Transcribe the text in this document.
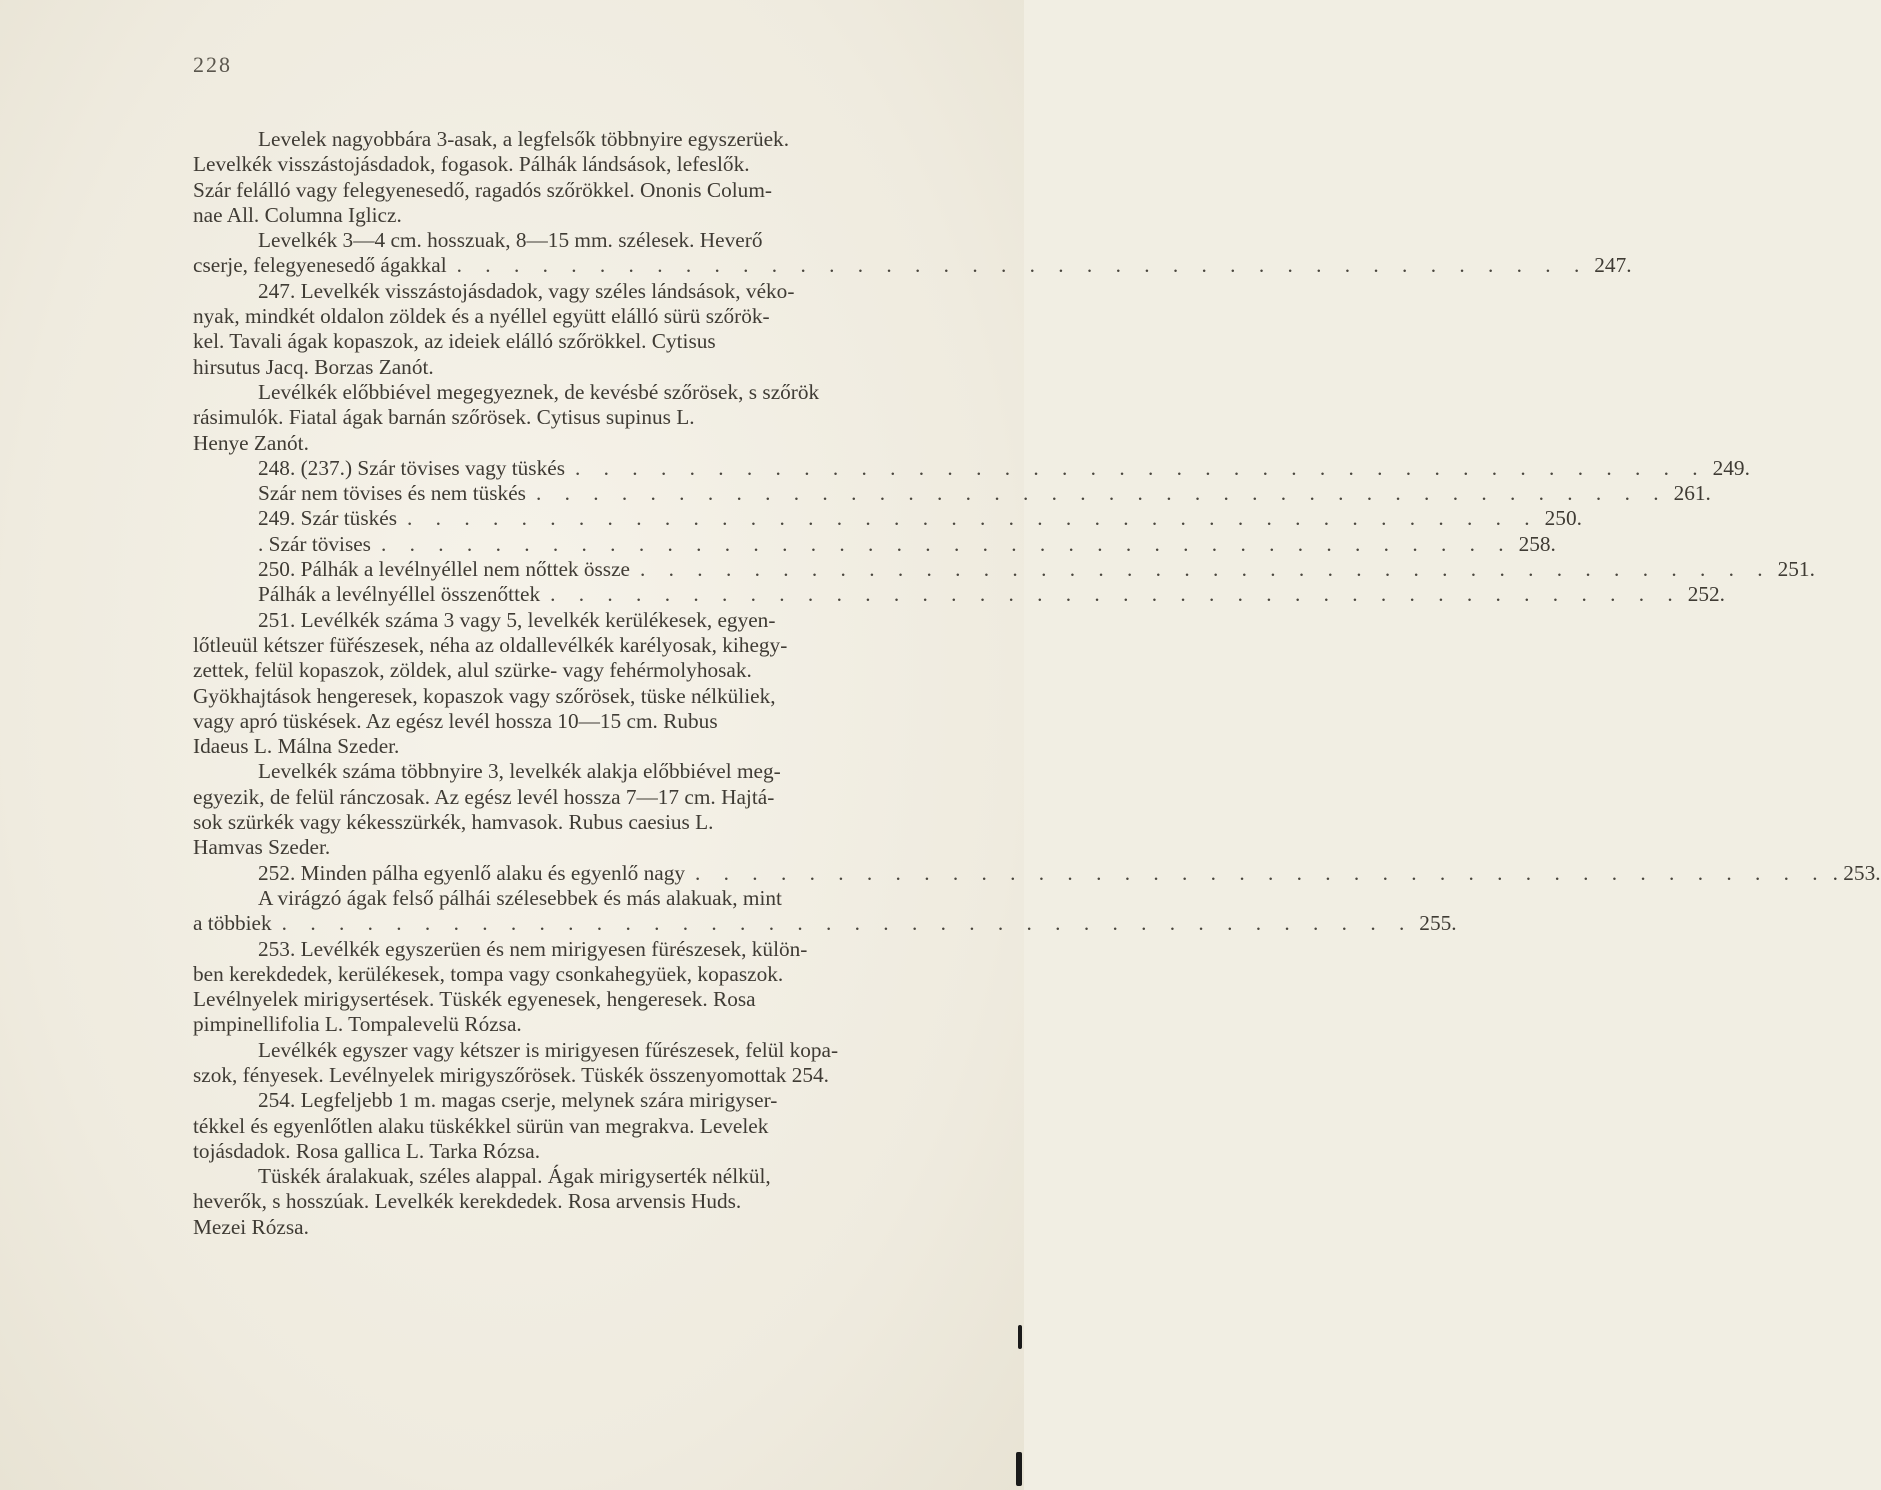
228
Levelek nagyobbára 3-asak, a legfelsők többnyire egyszerüek.
Levelkék visszástojásdadok, fogasok. Pálhák lándsások, lefeslők.
Szár felálló vagy felegyenesedő, ragadós szőrökkel. Ononis Colum-
nae All. Columna Iglicz.
Levelkék 3—4 cm. hosszuak, 8—15 mm. szélesek. Heverő
cserje, felegyenesedő ágakkal . . . . . . . . . . . . . . . . . . . . . . . . . . . . . . . . . . . . . . . . 247.
247. Levelkék visszástojásdadok, vagy széles lándsások, véko-
nyak, mindkét oldalon zöldek és a nyéllel együtt elálló sürü szőrök-
kel. Tavali ágak kopaszok, az ideiek elálló szőrökkel. Cytisus
hirsutus Jacq. Borzas Zanót.
Levélkék előbbiével megegyeznek, de kevésbé szőrösek, s szőrök
rásimulók. Fiatal ágak barnán szőrösek. Cytisus supinus L.
Henye Zanót.
248. (237.) Szár tövises vagy tüskés . . . . . . . . . . . . . . . . . . . . . . . . . . . . . . . . . . . . . . . . 249.
Szár nem tövises és nem tüskés . . . . . . . . . . . . . . . . . . . . . . . . . . . . . . . . . . . . . . . . 261.
249. Szár tüskés . . . . . . . . . . . . . . . . . . . . . . . . . . . . . . . . . . . . . . . . 250.
. Szár tövises . . . . . . . . . . . . . . . . . . . . . . . . . . . . . . . . . . . . . . . . 258.
250. Pálhák a levélnyéllel nem nőttek össze . . . . . . . . . . . . . . . . . . . . . . . . . . . . . . . . . . . . . . . . 251.
Pálhák a levélnyéllel összenőttek . . . . . . . . . . . . . . . . . . . . . . . . . . . . . . . . . . . . . . . . 252.
251. Levélkék száma 3 vagy 5, levelkék kerülékesek, egyen-
lőtleuül kétszer füřészesek, néha az oldallevélkék karélyosak, kihegy-
zettek, felül kopaszok, zöldek, alul szürke- vagy fehérmolyhosak.
Gyökhajtások hengeresek, kopaszok vagy szőrösek, tüske nélküliek,
vagy apró tüskések. Az egész levél hossza 10—15 cm. Rubus
Idaeus L. Málna Szeder.
Levelkék száma többnyire 3, levelkék alakja előbbiével meg-
egyezik, de felül ránczosak. Az egész levél hossza 7—17 cm. Hajtá-
sok szürkék vagy kékesszürkék, hamvasok. Rubus caesius L.
Hamvas Szeder.
252. Minden pálha egyenlő alaku és egyenlő nagy . . . . . . . . . . . . . . . . . . . . . . . . . . . . . . . . . . . . . . . . . 253.
A virágzó ágak felső pálhái szélesebbek és más alakuak, mint
a többiek . . . . . . . . . . . . . . . . . . . . . . . . . . . . . . . . . . . . . . . . 255.
253. Levélkék egyszerüen és nem mirigyesen fürészesek, külön-
ben kerekdedek, kerülékesek, tompa vagy csonkahegyüek, kopaszok.
Levélnyelek mirigysertések. Tüskék egyenesek, hengeresek. Rosa
pimpinellifolia L. Tompalevelü Rózsa.
Levélkék egyszer vagy kétszer is mirigyesen fűrészesek, felül kopa-
szok, fényesek. Levélnyelek mirigyszőrösek. Tüskék összenyomottak 254.
254. Legfeljebb 1 m. magas cserje, melynek szára mirigyser-
tékkel és egyenlőtlen alaku tüskékkel sürün van megrakva. Levelek
tojásdadok. Rosa gallica L. Tarka Rózsa.
Tüskék áralakuak, széles alappal. Ágak mirigyserték nélkül,
heverők, s hosszúak. Levelkék kerekdedek. Rosa arvensis Huds.
Mezei Rózsa.
